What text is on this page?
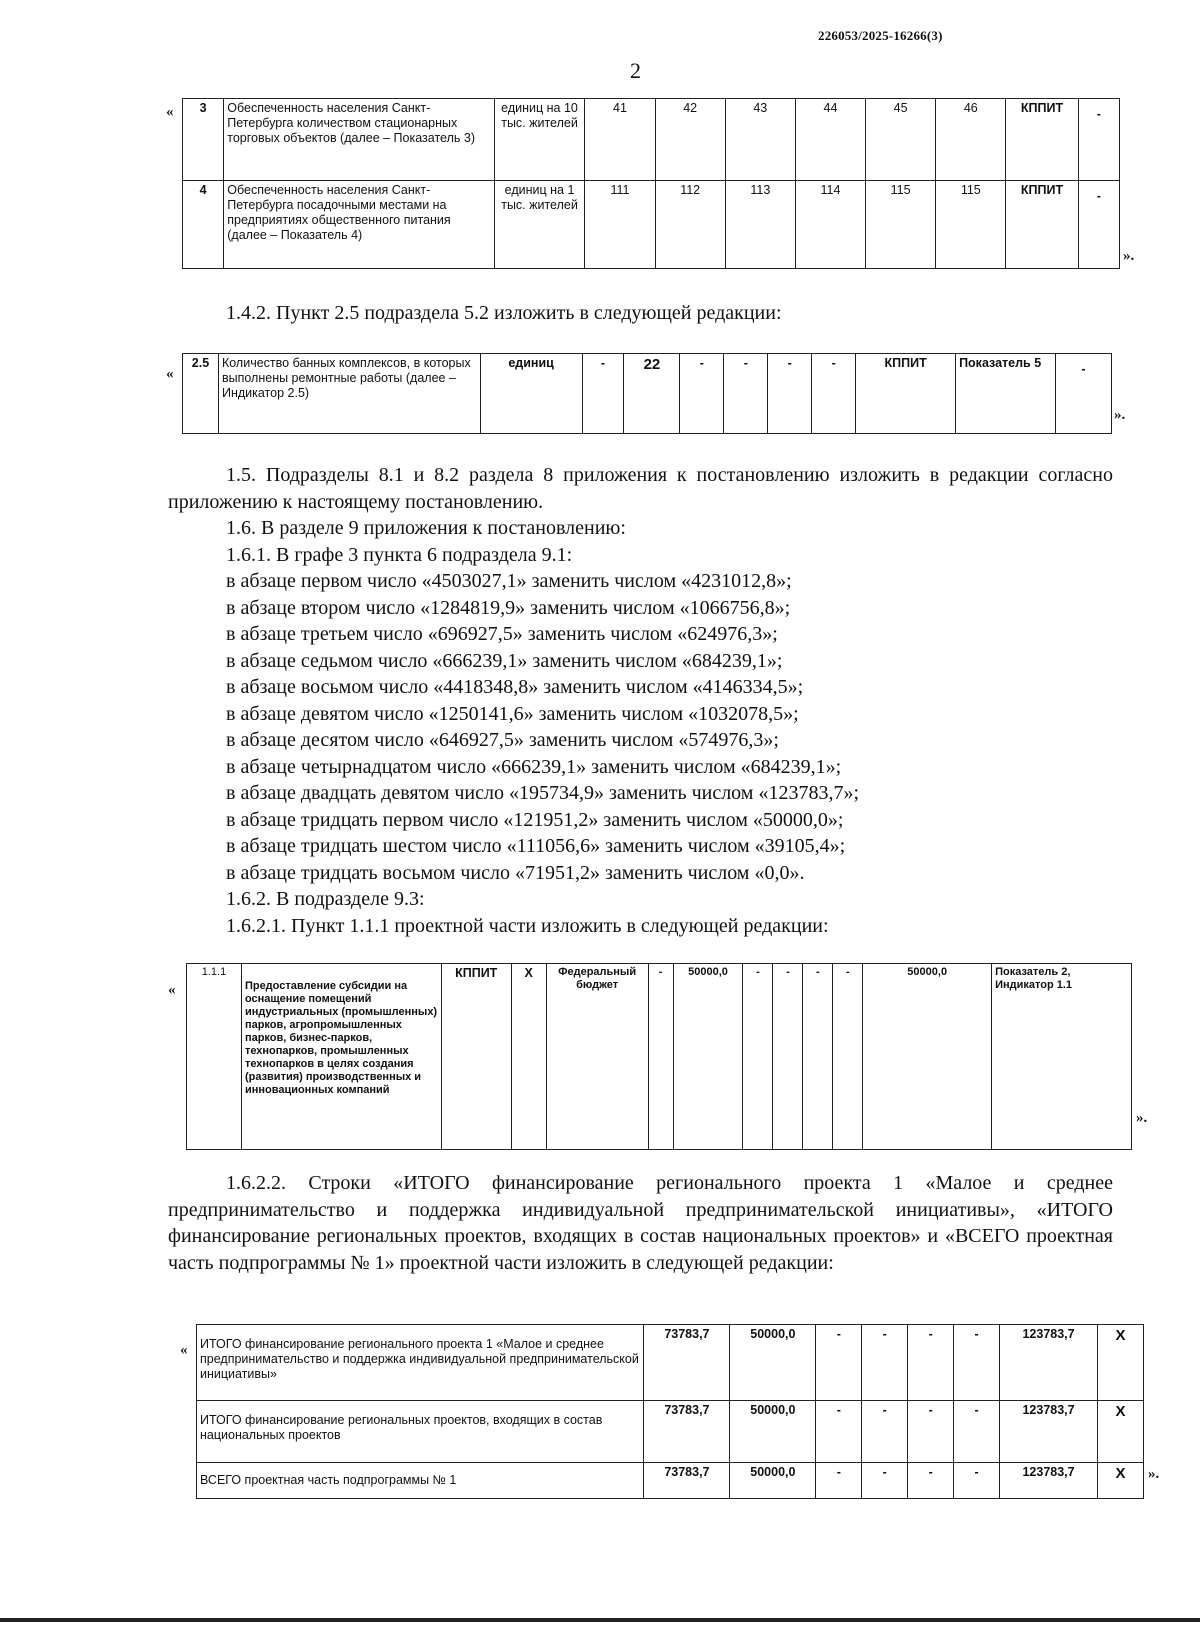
226053/2025-16266(3)
2
« 3	Обеспеченность населения Санкт-Петербурга количеством стационарных торговых объектов (далее – Показатель 3)	единиц на 10 тыс. жителей	41	42	43	44	45	46	КППИТ	-
4	Обеспеченность населения Санкт-Петербурга посадочными местами на предприятиях общественного питания (далее – Показатель 4)	единиц на 1 тыс. жителей	111	112	113	114	115	115	КППИТ	-
».
1.4.2. Пункт 2.5 подраздела 5.2 изложить в следующей редакции:
«
2.5	Количество банных комплексов, в которых выполнены ремонтные работы (далее – Индикатор 2.5)	единиц	-	22	-	-	-	-	КППИТ	Показатель 5	-
».
1.5. Подразделы 8.1 и 8.2 раздела 8 приложения к постановлению изложить в редакции согласно приложению к настоящему постановлению.
1.6. В разделе 9 приложения к постановлению:
1.6.1. В графе 3 пункта 6 подраздела 9.1:
в абзаце первом число «4503027,1» заменить числом «4231012,8»;
в абзаце втором число «1284819,9» заменить числом «1066756,8»;
в абзаце третьем число «696927,5» заменить числом «624976,3»;
в абзаце седьмом число «666239,1» заменить числом «684239,1»;
в абзаце восьмом число «4418348,8» заменить числом «4146334,5»;
в абзаце девятом число «1250141,6» заменить числом «1032078,5»;
в абзаце десятом число «646927,5» заменить числом «574976,3»;
в абзаце четырнадцатом число «666239,1» заменить числом «684239,1»;
в абзаце двадцать девятом число «195734,9» заменить числом «123783,7»;
в абзаце тридцать первом число «121951,2» заменить числом «50000,0»;
в абзаце тридцать шестом число «111056,6» заменить числом «39105,4»;
в абзаце тридцать восьмом число «71951,2» заменить числом «0,0».
1.6.2. В подразделе 9.3:
1.6.2.1. Пункт 1.1.1 проектной части изложить в следующей редакции:
«
1.1.1	Предоставление субсидии на оснащение помещений индустриальных (промышленных) парков, агропромышленных парков, бизнес-парков, технопарков, промышленных технопарков в целях создания (развития) производственных и инновационных компаний	КППИТ	Х	Федеральный бюджет	-	50000,0	-	-	-	-	50000,0	Показатель 2, Индикатор 1.1
».
1.6.2.2. Строки «ИТОГО финансирование регионального проекта 1 «Малое и среднее предпринимательство и поддержка индивидуальной предпринимательской инициативы», «ИТОГО финансирование региональных проектов, входящих в состав национальных проектов» и «ВСЕГО проектная часть подпрограммы № 1» проектной части изложить в следующей редакции:
« ИТОГО финансирование регионального проекта 1 «Малое и среднее предпринимательство и поддержка индивидуальной предпринимательской инициативы»	73783,7	50000,0	-	-	-	-	123783,7	Х
ИТОГО финансирование региональных проектов, входящих в состав национальных проектов	73783,7	50000,0	-	-	-	-	123783,7	Х
ВСЕГО проектная часть подпрограммы № 1	73783,7	50000,0	-	-	-	-	123783,7	Х ».
